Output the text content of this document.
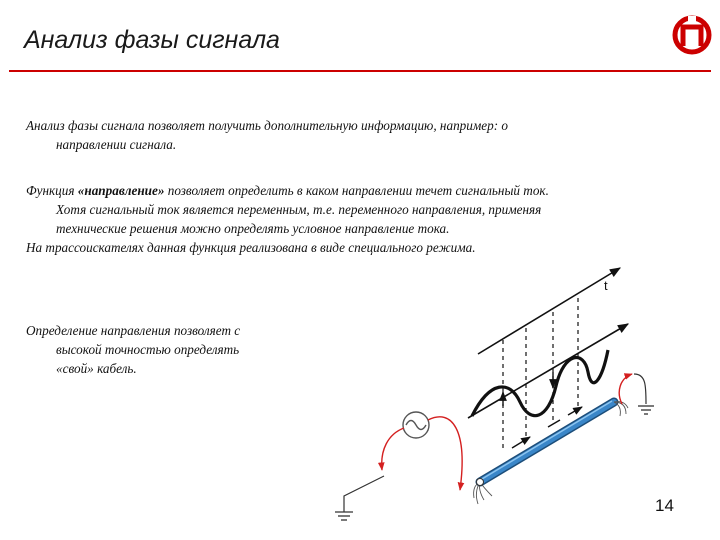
Анализ фазы сигнала
Анализ фазы сигнала позволяет получить дополнительную информацию, например: о
направлении сигнала.
Функция «направление» позволяет определить в каком направлении течет сигнальный ток.
Хотя сигнальный ток является переменным, т.е. переменного направления, применяя
технические решения можно определять условное направление тока.
На трассоискателях данная функция реализована в виде специального режима.
Определение направления позволяет с
высокой точностью определять
«свой» кабель.
t
14
